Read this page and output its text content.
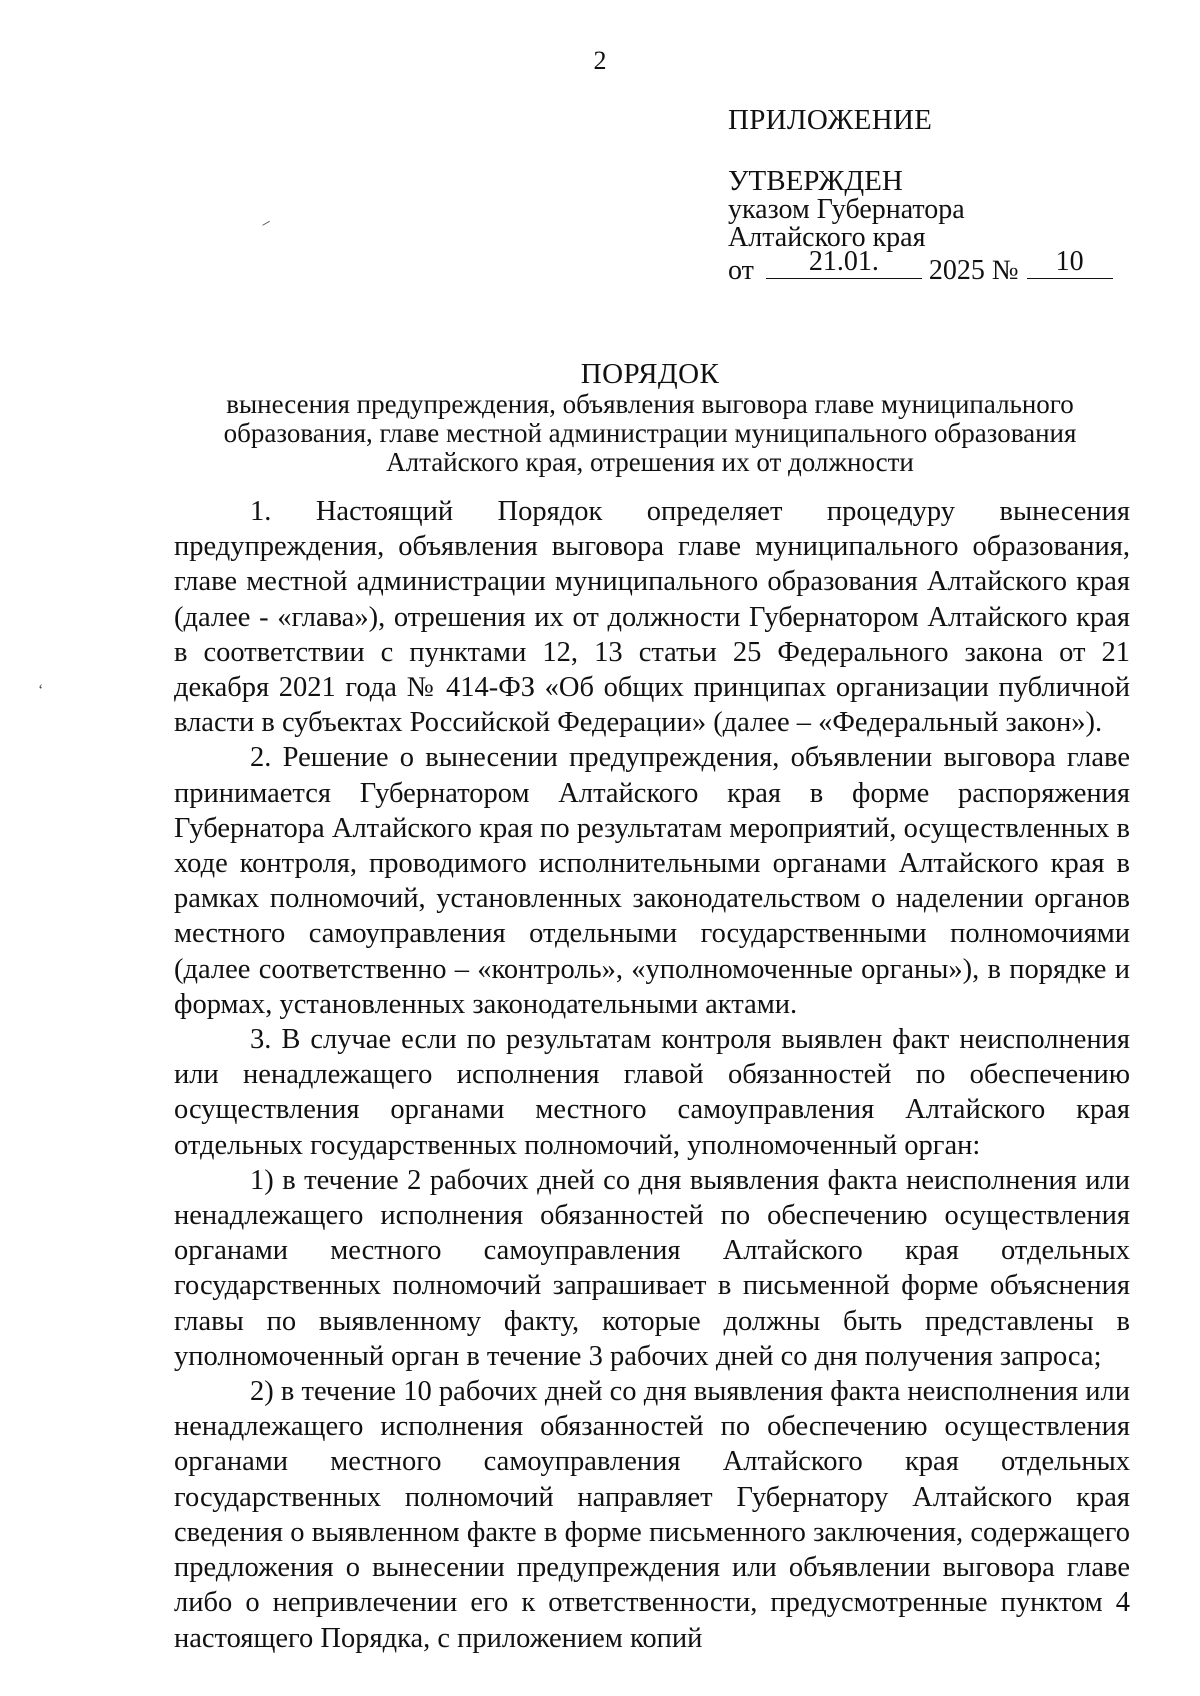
2
ПРИЛОЖЕНИЕ
УТВЕРЖДЕН
указом Губернатора
Алтайского края
от	21.01.	2025 №	10
ПОРЯДОК
вынесения предупреждения, объявления выговора главе муниципального
образования, главе местной администрации муниципального образования
Алтайского края, отрешения их от должности

1. Настоящий Порядок определяет процедуру вынесения предупреждения, объявления выговора главе муниципального образования, главе местной администрации муниципального образования Алтайского края (далее - «глава»), отрешения их от должности Губернатором Алтайского края в соответствии с пунктами 12, 13 статьи 25 Федерального закона от 21 декабря 2021 года № 414-ФЗ «Об общих принципах организации публичной власти в субъектах Российской Федерации» (далее – «Федеральный закон»).

2. Решение о вынесении предупреждения, объявлении выговора главе принимается Губернатором Алтайского края в форме распоряжения Губернатора Алтайского края по результатам мероприятий, осуществленных в ходе контроля, проводимого исполнительными органами Алтайского края в рамках полномочий, установленных законодательством о наделении органов местного самоуправления отдельными государственными полномочиями (далее соответственно – «контроль», «уполномоченные органы»), в порядке и формах, установленных законодательными актами.

3. В случае если по результатам контроля выявлен факт неисполнения или ненадлежащего исполнения главой обязанностей по обеспечению осуществления органами местного самоуправления Алтайского края отдельных государственных полномочий, уполномоченный орган:

1) в течение 2 рабочих дней со дня выявления факта неисполнения или ненадлежащего исполнения обязанностей по обеспечению осуществления органами местного самоуправления Алтайского края отдельных государственных полномочий запрашивает в письменной форме объяснения главы по выявленному факту, которые должны быть представлены в уполномоченный орган в течение 3 рабочих дней со дня получения запроса;

2) в течение 10 рабочих дней со дня выявления факта неисполнения или ненадлежащего исполнения обязанностей по обеспечению осуществления органами местного самоуправления Алтайского края отдельных государственных полномочий направляет Губернатору Алтайского края сведения о выявленном факте в форме письменного заключения, содержащего предложения о вынесении предупреждения или объявлении выговора главе либо о непривлечении его к ответственности, предусмотренные пунктом 4 настоящего Порядка, с приложением копий

–
‘
